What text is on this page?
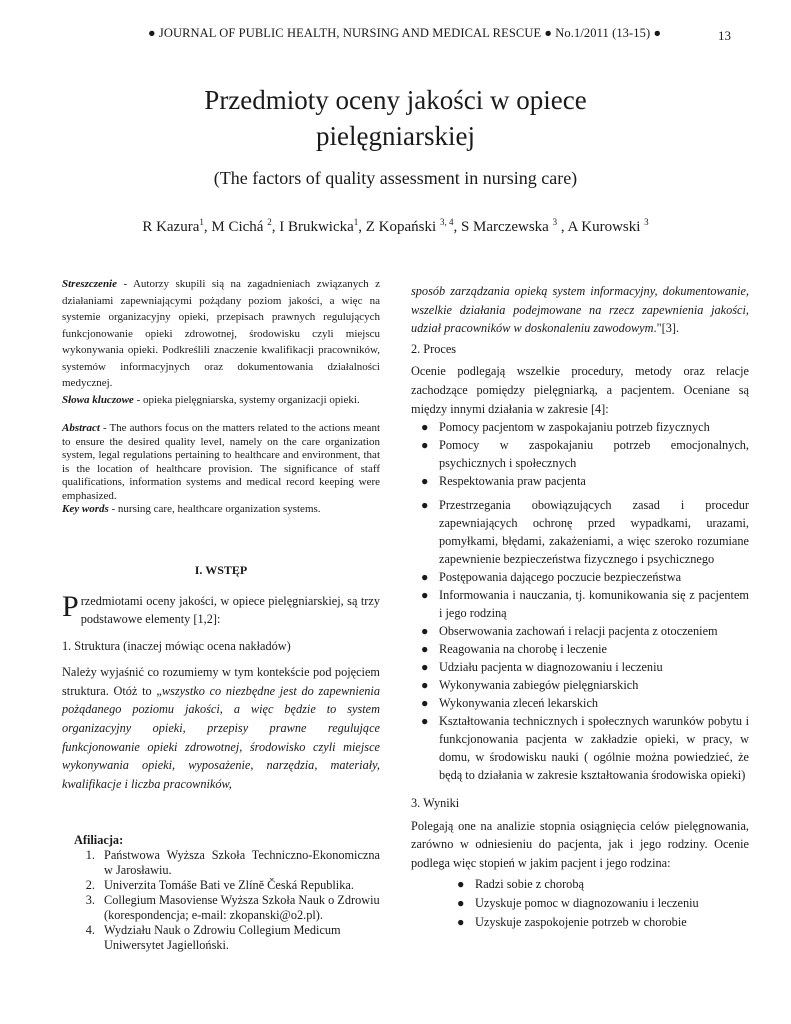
● JOURNAL OF PUBLIC HEALTH, NURSING AND MEDICAL RESCUE ● No.1/2011 (13-15) ●	13
Przedmioty oceny jakości w opiece
pielęgniarskiej
(The factors of quality assessment in nursing care)
R Kazura$^1$, M Cichá $^2$, I Brukwicka$^1$, Z Kopański $^{3, 4}$, S Marczewska $^3$ , A Kurowski $^3$

Streszczenie - Autorzy skupili sią na zagadnieniach związanych z działaniami zapewniającymi pożądany poziom jakości, a więc na systemie organizacyjny opieki, przepisach prawnych regulujących funkcjonowanie opieki zdrowotnej, środowisku czyli miejscu wykonywania opieki. Podkreślili znaczenie kwalifikacji pracowników, systemów informacyjnych oraz dokumentowania działalności medycznej.

Słowa kluczowe - opieka pielęgniarska, systemy organizacji opieki.

Abstract - The authors focus on the matters related to the actions meant to ensure the desired quality level, namely on the care organization system, legal regulations pertaining to healthcare and environment, that is the location of healthcare provision. The significance of staff qualifications, information systems and medical record keeping were emphasized.

Key words - nursing care, healthcare organization systems.

I. WSTĘP

Przedmiotami oceny jakości, w opiece pielęgniarskiej, są trzy podstawowe elementy [1,2]:

1. Struktura (inaczej mówiąc ocena nakładów)

Należy wyjaśnić co rozumiemy w tym kontekście pod pojęciem struktura. Otóż to „wszystko co niezbędne jest do zapewnienia pożądanego poziomu jakości, a więc będzie to system organizacyjny opieki, przepisy prawne regulujące funkcjonowanie opieki zdrowotnej, środowisko czyli miejsce wykonywania opieki, wyposażenie, narzędzia, materiały, kwalifikacje i liczba pracowników,

Afiliacja:

1. Państwowa Wyższa Szkoła Techniczno-Ekonomiczna w Jarosławiu.
2. Univerzita Tomáše Bati ve Zlíně Česká Republika.
3. Collegium Masoviense Wyższa Szkoła Nauk o Zdrowiu (korespondencja; e-mail: zkopanski@o2.pl).
4. Wydziału Nauk o Zdrowiu Collegium Medicum Uniwersytet Jagielloński.

sposób zarządzania opieką system informacyjny, dokumentowanie, wszelkie działania podejmowane na rzecz zapewnienia jakości, udział pracowników w doskonaleniu zawodowym."[3].

2. Proces

Ocenie podlegają wszelkie procedury, metody oraz relacje zachodzące pomiędzy pielęgniarką, a pacjentem. Oceniane są między innymi działania w zakresie [4]:

● Pomocy pacjentom w zaspokajaniu potrzeb fizycznych
● Pomocy w zaspokajaniu potrzeb emocjonalnych, psychicznych i społecznych
● Respektowania praw pacjenta
● Przestrzegania obowiązujących zasad i procedur zapewniających ochronę przed wypadkami, urazami, pomyłkami, błędami, zakażeniami, a więc szeroko rozumiane zapewnienie bezpieczeństwa fizycznego i psychicznego
● Postępowania dającego poczucie bezpieczeństwa
● Informowania i nauczania, tj. komunikowania się z pacjentem i jego rodziną
● Obserwowania zachowań i relacji pacjenta z otoczeniem
● Reagowania na chorobę i leczenie
● Udziału pacjenta w diagnozowaniu i leczeniu
● Wykonywania zabiegów pielęgniarskich
● Wykonywania zleceń lekarskich
● Kształtowania technicznych i społecznych warunków pobytu i funkcjonowania pacjenta w zakładzie opieki, w pracy, w domu, w środowisku nauki ( ogólnie można powiedzieć, że będą to działania w zakresie kształtowania środowiska opieki)

3. Wyniki

Polegają one na analizie stopnia osiągnięcia celów pielęgnowania, zarówno w odniesieniu do pacjenta, jak i jego rodziny. Ocenie podlega więc stopień w jakim pacjent i jego rodzina:

● Radzi sobie z chorobą
● Uzyskuje pomoc w diagnozowaniu i leczeniu
● Uzyskuje zaspokojenie potrzeb w chorobie
